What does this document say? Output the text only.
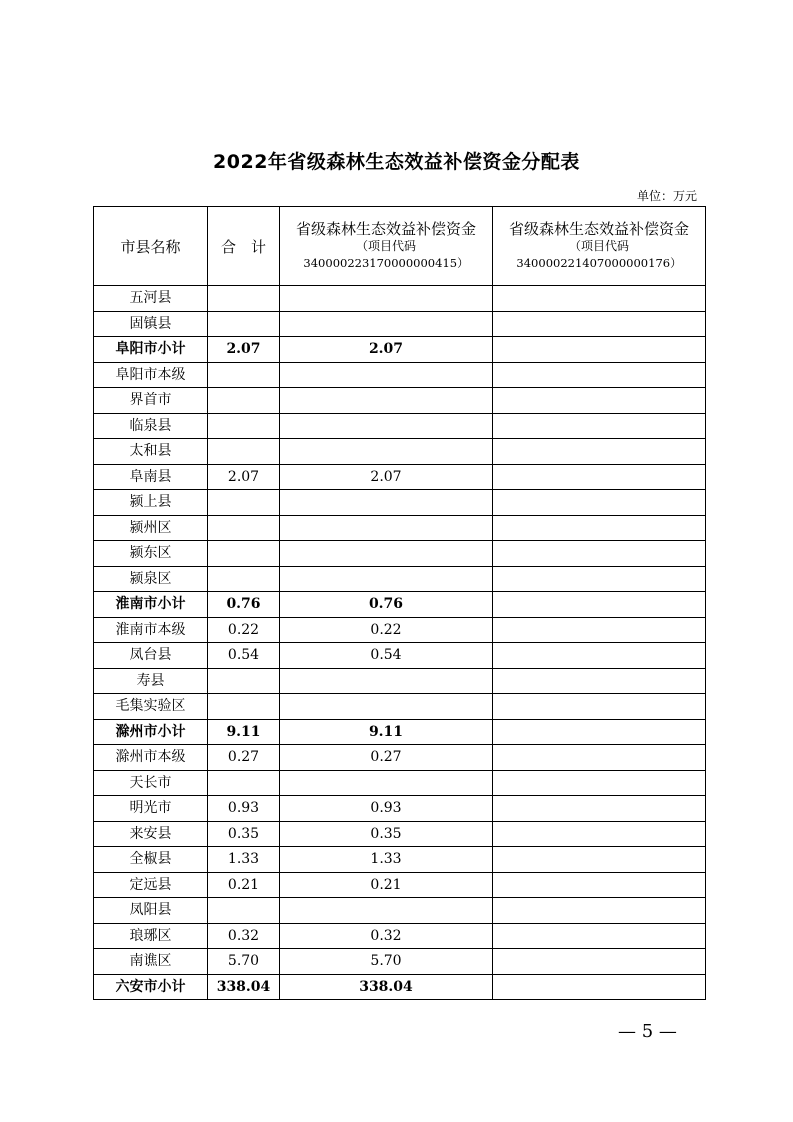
2022年省级森林生态效益补偿资金分配表
单位：万元
市县名称	合　计	省级森林生态效益补偿资金
（项目代码
340000223170000000415）	省级森林生态效益补偿资金
（项目代码
340000221407000000176）

五河县			
固镇县			
阜阳市小计	2.07	2.07	
阜阳市本级			
界首市			
临泉县			
太和县			
阜南县	2.07	2.07	
颍上县			
颍州区			
颍东区			
颍泉区			
淮南市小计	0.76	0.76	
淮南市本级	0.22	0.22	
凤台县	0.54	0.54	
寿县			
毛集实验区			
滁州市小计	9.11	9.11	
滁州市本级	0.27	0.27	
天长市			
明光市	0.93	0.93	
来安县	0.35	0.35	
全椒县	1.33	1.33	
定远县	0.21	0.21	
凤阳县			
琅琊区	0.32	0.32	
南谯区	5.70	5.70	
六安市小计	338.04	338.04	
— 5 —
